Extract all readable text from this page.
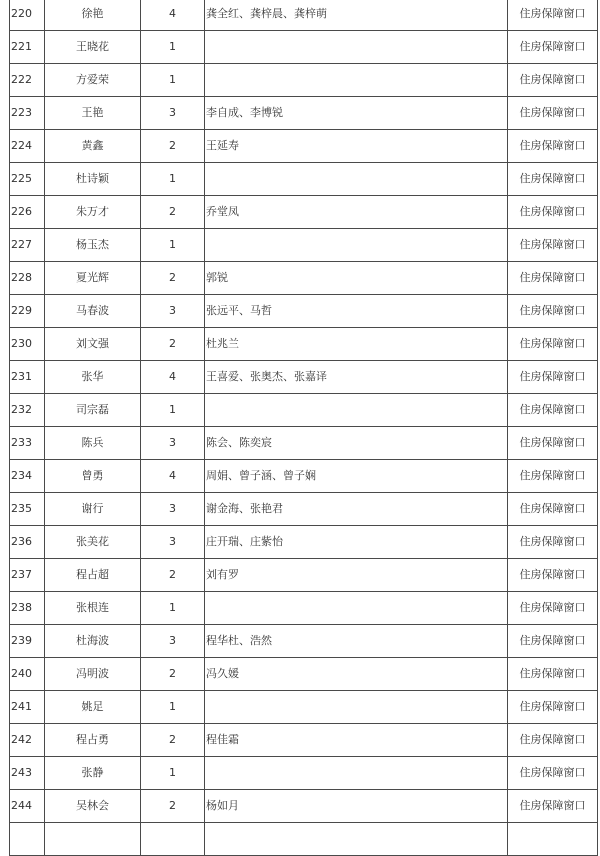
220	徐艳	4	龚全红、龚梓晨、龚梓萌	住房保障窗口
221	王晓花	1		住房保障窗口
222	方爱荣	1		住房保障窗口
223	王艳	3	李自成、李博锐	住房保障窗口
224	黄鑫	2	王延寿	住房保障窗口
225	杜诗颖	1		住房保障窗口
226	朱万才	2	乔堂凤	住房保障窗口
227	杨玉杰	1		住房保障窗口
228	夏光辉	2	郭锐	住房保障窗口
229	马春波	3	张远平、马哲	住房保障窗口
230	刘文强	2	杜兆兰	住房保障窗口
231	张华	4	王喜爱、张奥杰、张嘉译	住房保障窗口
232	司宗磊	1		住房保障窗口
233	陈兵	3	陈会、陈奕宸	住房保障窗口
234	曾勇	4	周娟、曾子涵、曾子娴	住房保障窗口
235	谢行	3	谢金海、张艳君	住房保障窗口
236	张美花	3	庄开瑞、庄紫怡	住房保障窗口
237	程占超	2	刘有罗	住房保障窗口
238	张根连	1		住房保障窗口
239	杜海波	3	程华杜、浩然	住房保障窗口
240	冯明波	2	冯久媛	住房保障窗口
241	姚足	1		住房保障窗口
242	程占勇	2	程佳霜	住房保障窗口
243	张静	1		住房保障窗口
244	吴林会	2	杨如月	住房保障窗口
